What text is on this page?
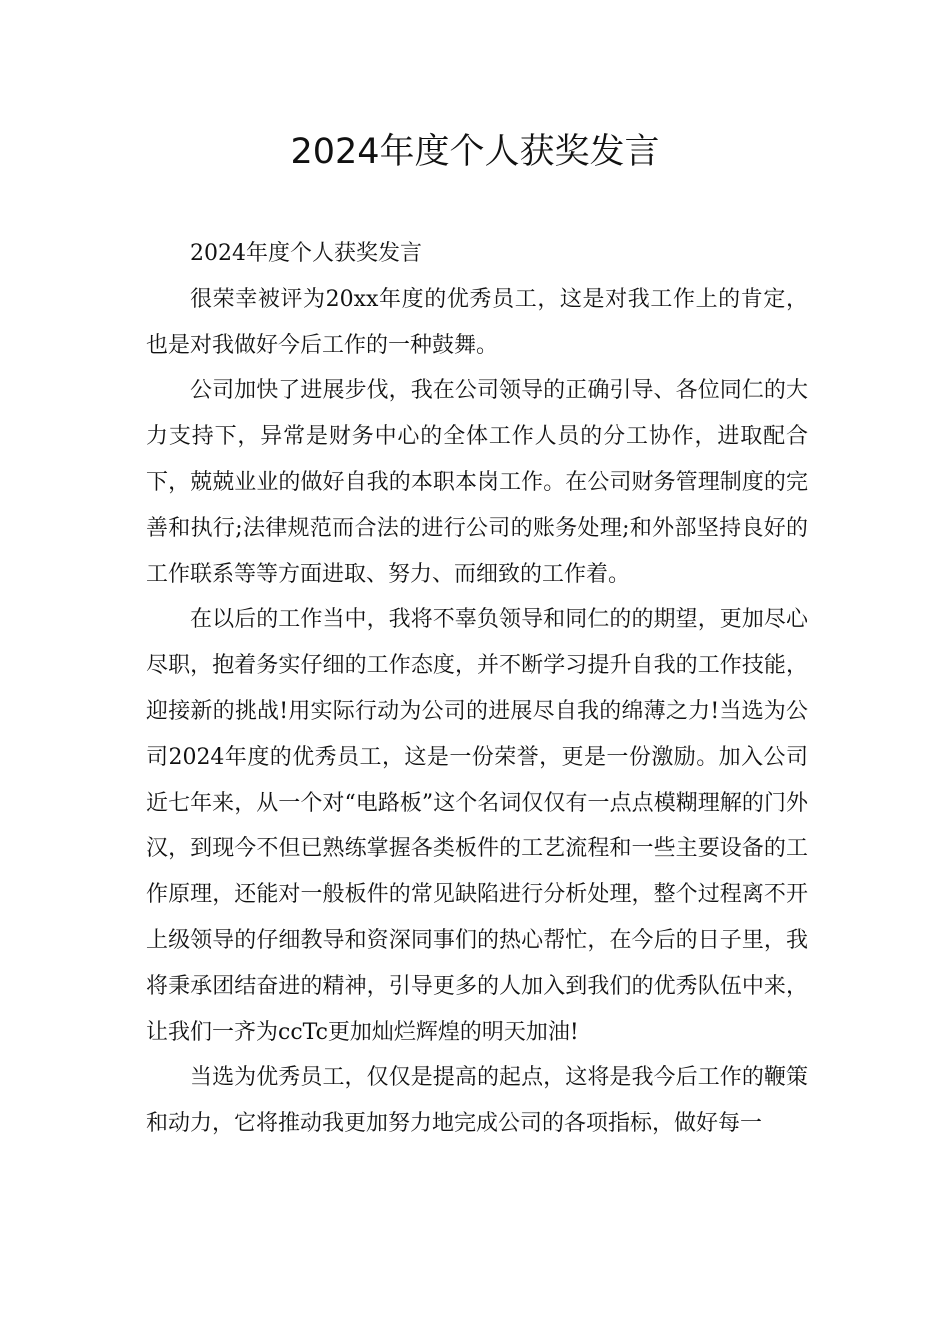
2024年度个人获奖发言

2024年度个人获奖发言

很荣幸被评为20xx年度的优秀员工，这是对我工作上的肯定，也是对我做好今后工作的一种鼓舞。

公司加快了进展步伐，我在公司领导的正确引导、各位同仁的大力支持下，异常是财务中心的全体工作人员的分工协作，进取配合下，兢兢业业的做好自我的本职本岗工作。在公司财务管理制度的完善和执行;法律规范而合法的进行公司的账务处理;和外部坚持良好的工作联系等等方面进取、努力、而细致的工作着。

在以后的工作当中，我将不辜负领导和同仁的的期望，更加尽心尽职，抱着务实仔细的工作态度，并不断学习提升自我的工作技能，迎接新的挑战!用实际行动为公司的进展尽自我的绵薄之力!当选为公司2024年度的优秀员工，这是一份荣誉，更是一份激励。加入公司近七年来，从一个对“电路板”这个名词仅仅有一点点模糊理解的门外汉，到现今不但已熟练掌握各类板件的工艺流程和一些主要设备的工作原理，还能对一般板件的常见缺陷进行分析处理，整个过程离不开上级领导的仔细教导和资深同事们的热心帮忙，在今后的日子里，我将秉承团结奋进的精神，引导更多的人加入到我们的优秀队伍中来，让我们一齐为ccTc更加灿烂辉煌的明天加油!

当选为优秀员工，仅仅是提高的起点，这将是我今后工作的鞭策和动力，它将推动我更加努力地完成公司的各项指标，做好每一
